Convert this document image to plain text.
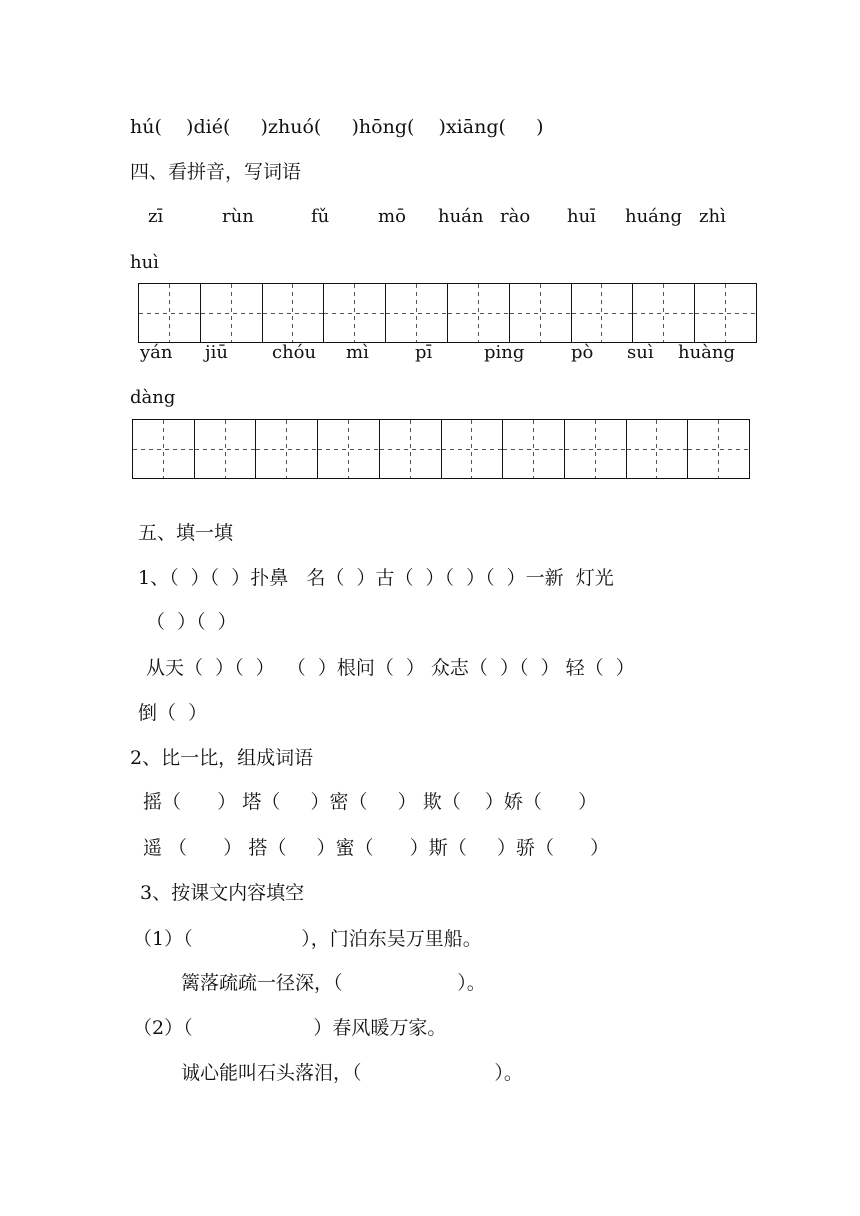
hú(    )dié(     )zhuó(     )hōng(    )xiāng(     )
四、看拼音，写词语
zī	rùn	fǔ	mō huán rào huī huáng zhì
huì
yán jiū chóu mì	pī	ping	pò suì huàng
dàng
五、填一填
1、（  ）（  ）扑鼻   名（  ）古（  ）（  ）（  ）一新  灯光
（  ）（  ）
从天（  ）（  ）  （  ）根问（  ） 众志（  ）（  ） 轻（  ）
倒（  ）
2、比一比，组成词语
摇（      ） 塔（     ）密（     ） 欺（    ）娇（      ）
遥 （      ） 搭（     ）蜜（      ）斯（     ）骄（      ）
3、按课文内容填空
（1）（                  ），门泊东吴万里船。
篱落疏疏一径深，（                   ）。
（2）（                    ）春风暖万家。
诚心能叫石头落泪，（                      ）。
